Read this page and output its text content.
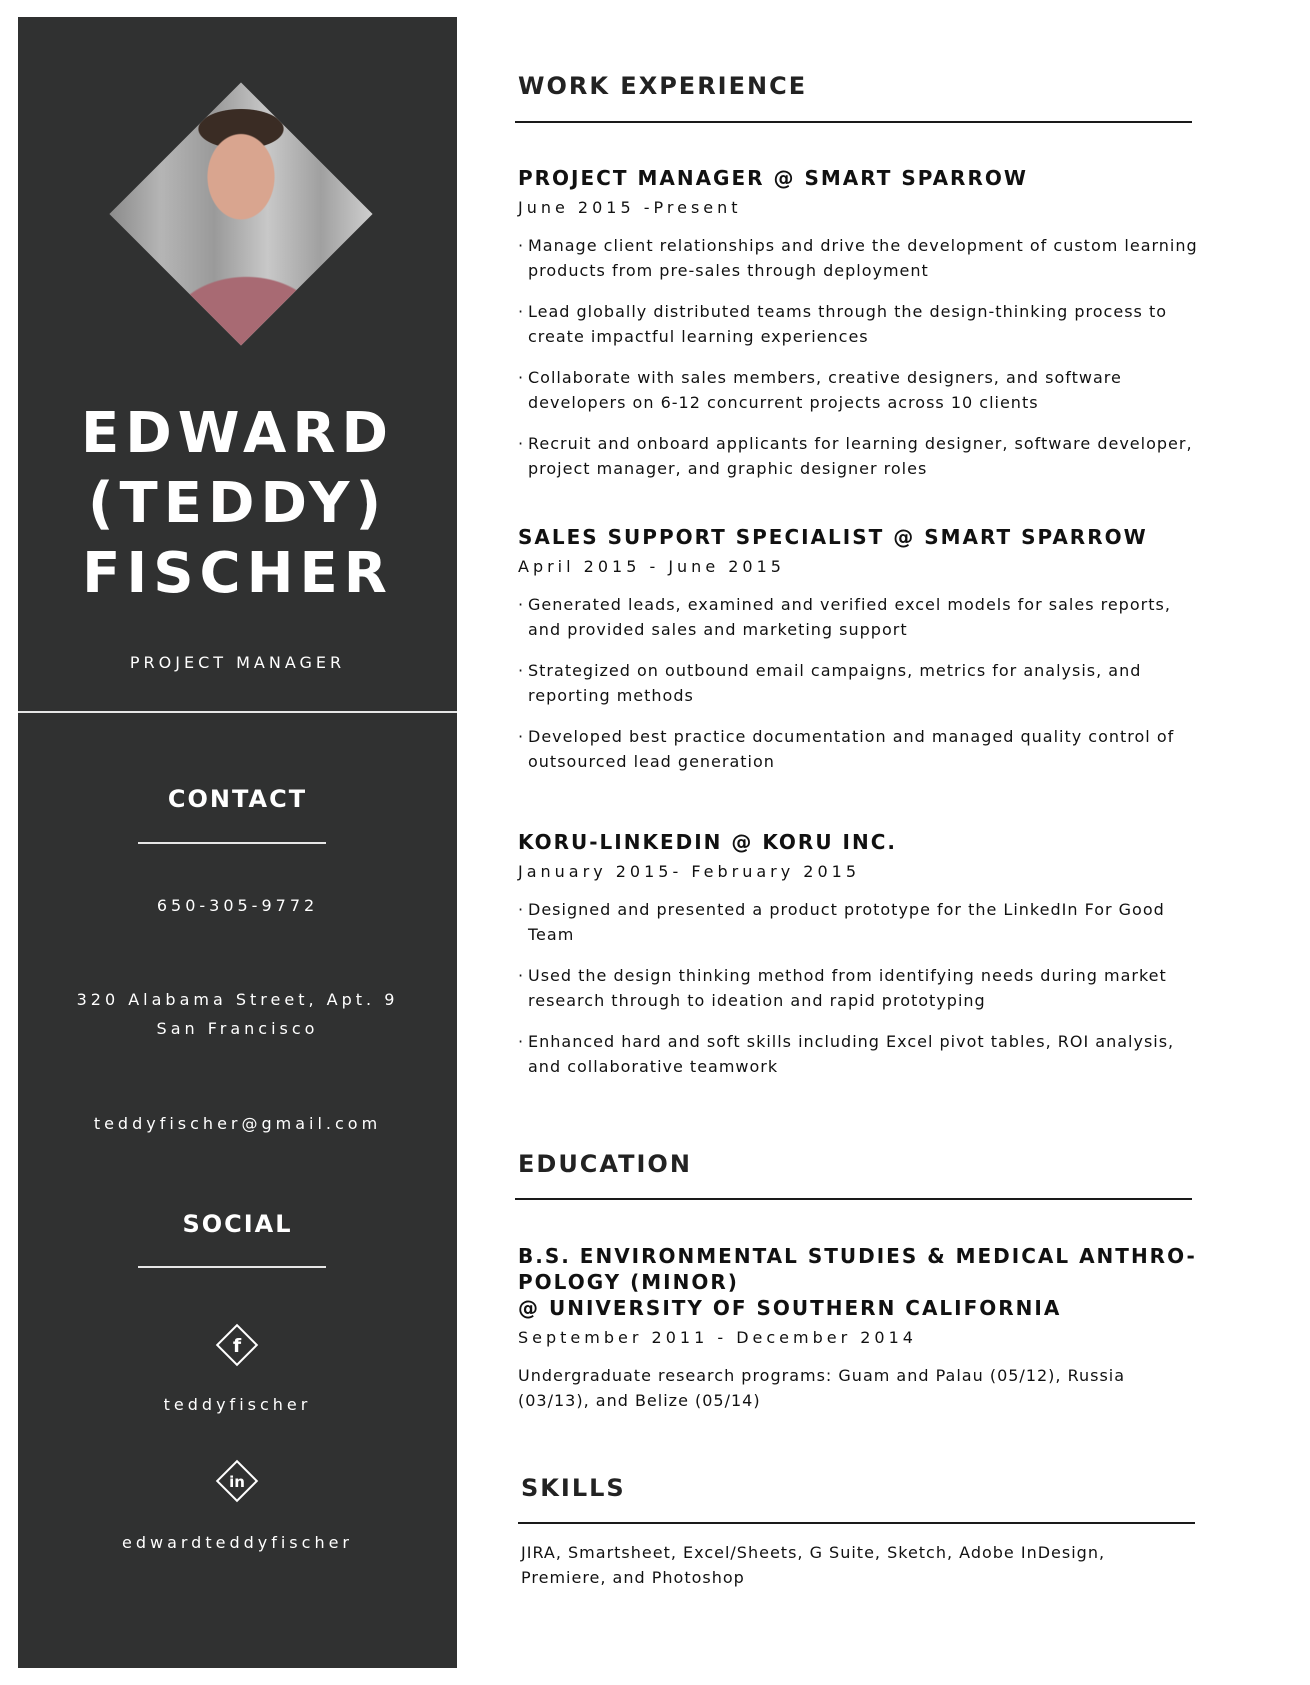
EDWARD
(TEDDY)
FISCHER
PROJECT MANAGER
CONTACT
650-305-9772
320 Alabama Street, Apt. 9
San Francisco
teddyfischer@gmail.com
SOCIAL
f
teddyfischer
in
edwardteddyfischer
WORK EXPERIENCE
PROJECT MANAGER @ SMART SPARROW
June 2015 -Present
· Manage client relationships and drive the development of custom learning products from pre-sales through deployment
· Lead globally distributed teams through the design-thinking process to create impactful learning experiences
· Collaborate with sales members, creative designers, and software developers on 6-12 concurrent projects across 10 clients
· Recruit and onboard applicants for learning designer, software developer, project manager, and graphic designer roles
SALES SUPPORT SPECIALIST @ SMART SPARROW
April 2015 - June 2015
· Generated leads, examined and verified excel models for sales reports, and provided sales and marketing support
· Strategized on outbound email campaigns, metrics for analysis, and reporting methods
· Developed best practice documentation and managed quality control of outsourced lead generation
KORU-LINKEDIN @ KORU INC.
January 2015- February 2015
· Designed and presented a product prototype for the LinkedIn For Good Team
· Used the design thinking method from identifying needs during market research through to ideation and rapid prototyping
· Enhanced hard and soft skills including Excel pivot tables, ROI analysis, and collaborative teamwork
EDUCATION
B.S. ENVIRONMENTAL STUDIES & MEDICAL ANTHRO-
POLOGY (MINOR)
@ UNIVERSITY OF SOUTHERN CALIFORNIA
September 2011 - December 2014
Undergraduate research programs: Guam and Palau (05/12), Russia (03/13), and Belize (05/14)
SKILLS
JIRA, Smartsheet, Excel/Sheets, G Suite, Sketch, Adobe InDesign, Premiere, and Photoshop
